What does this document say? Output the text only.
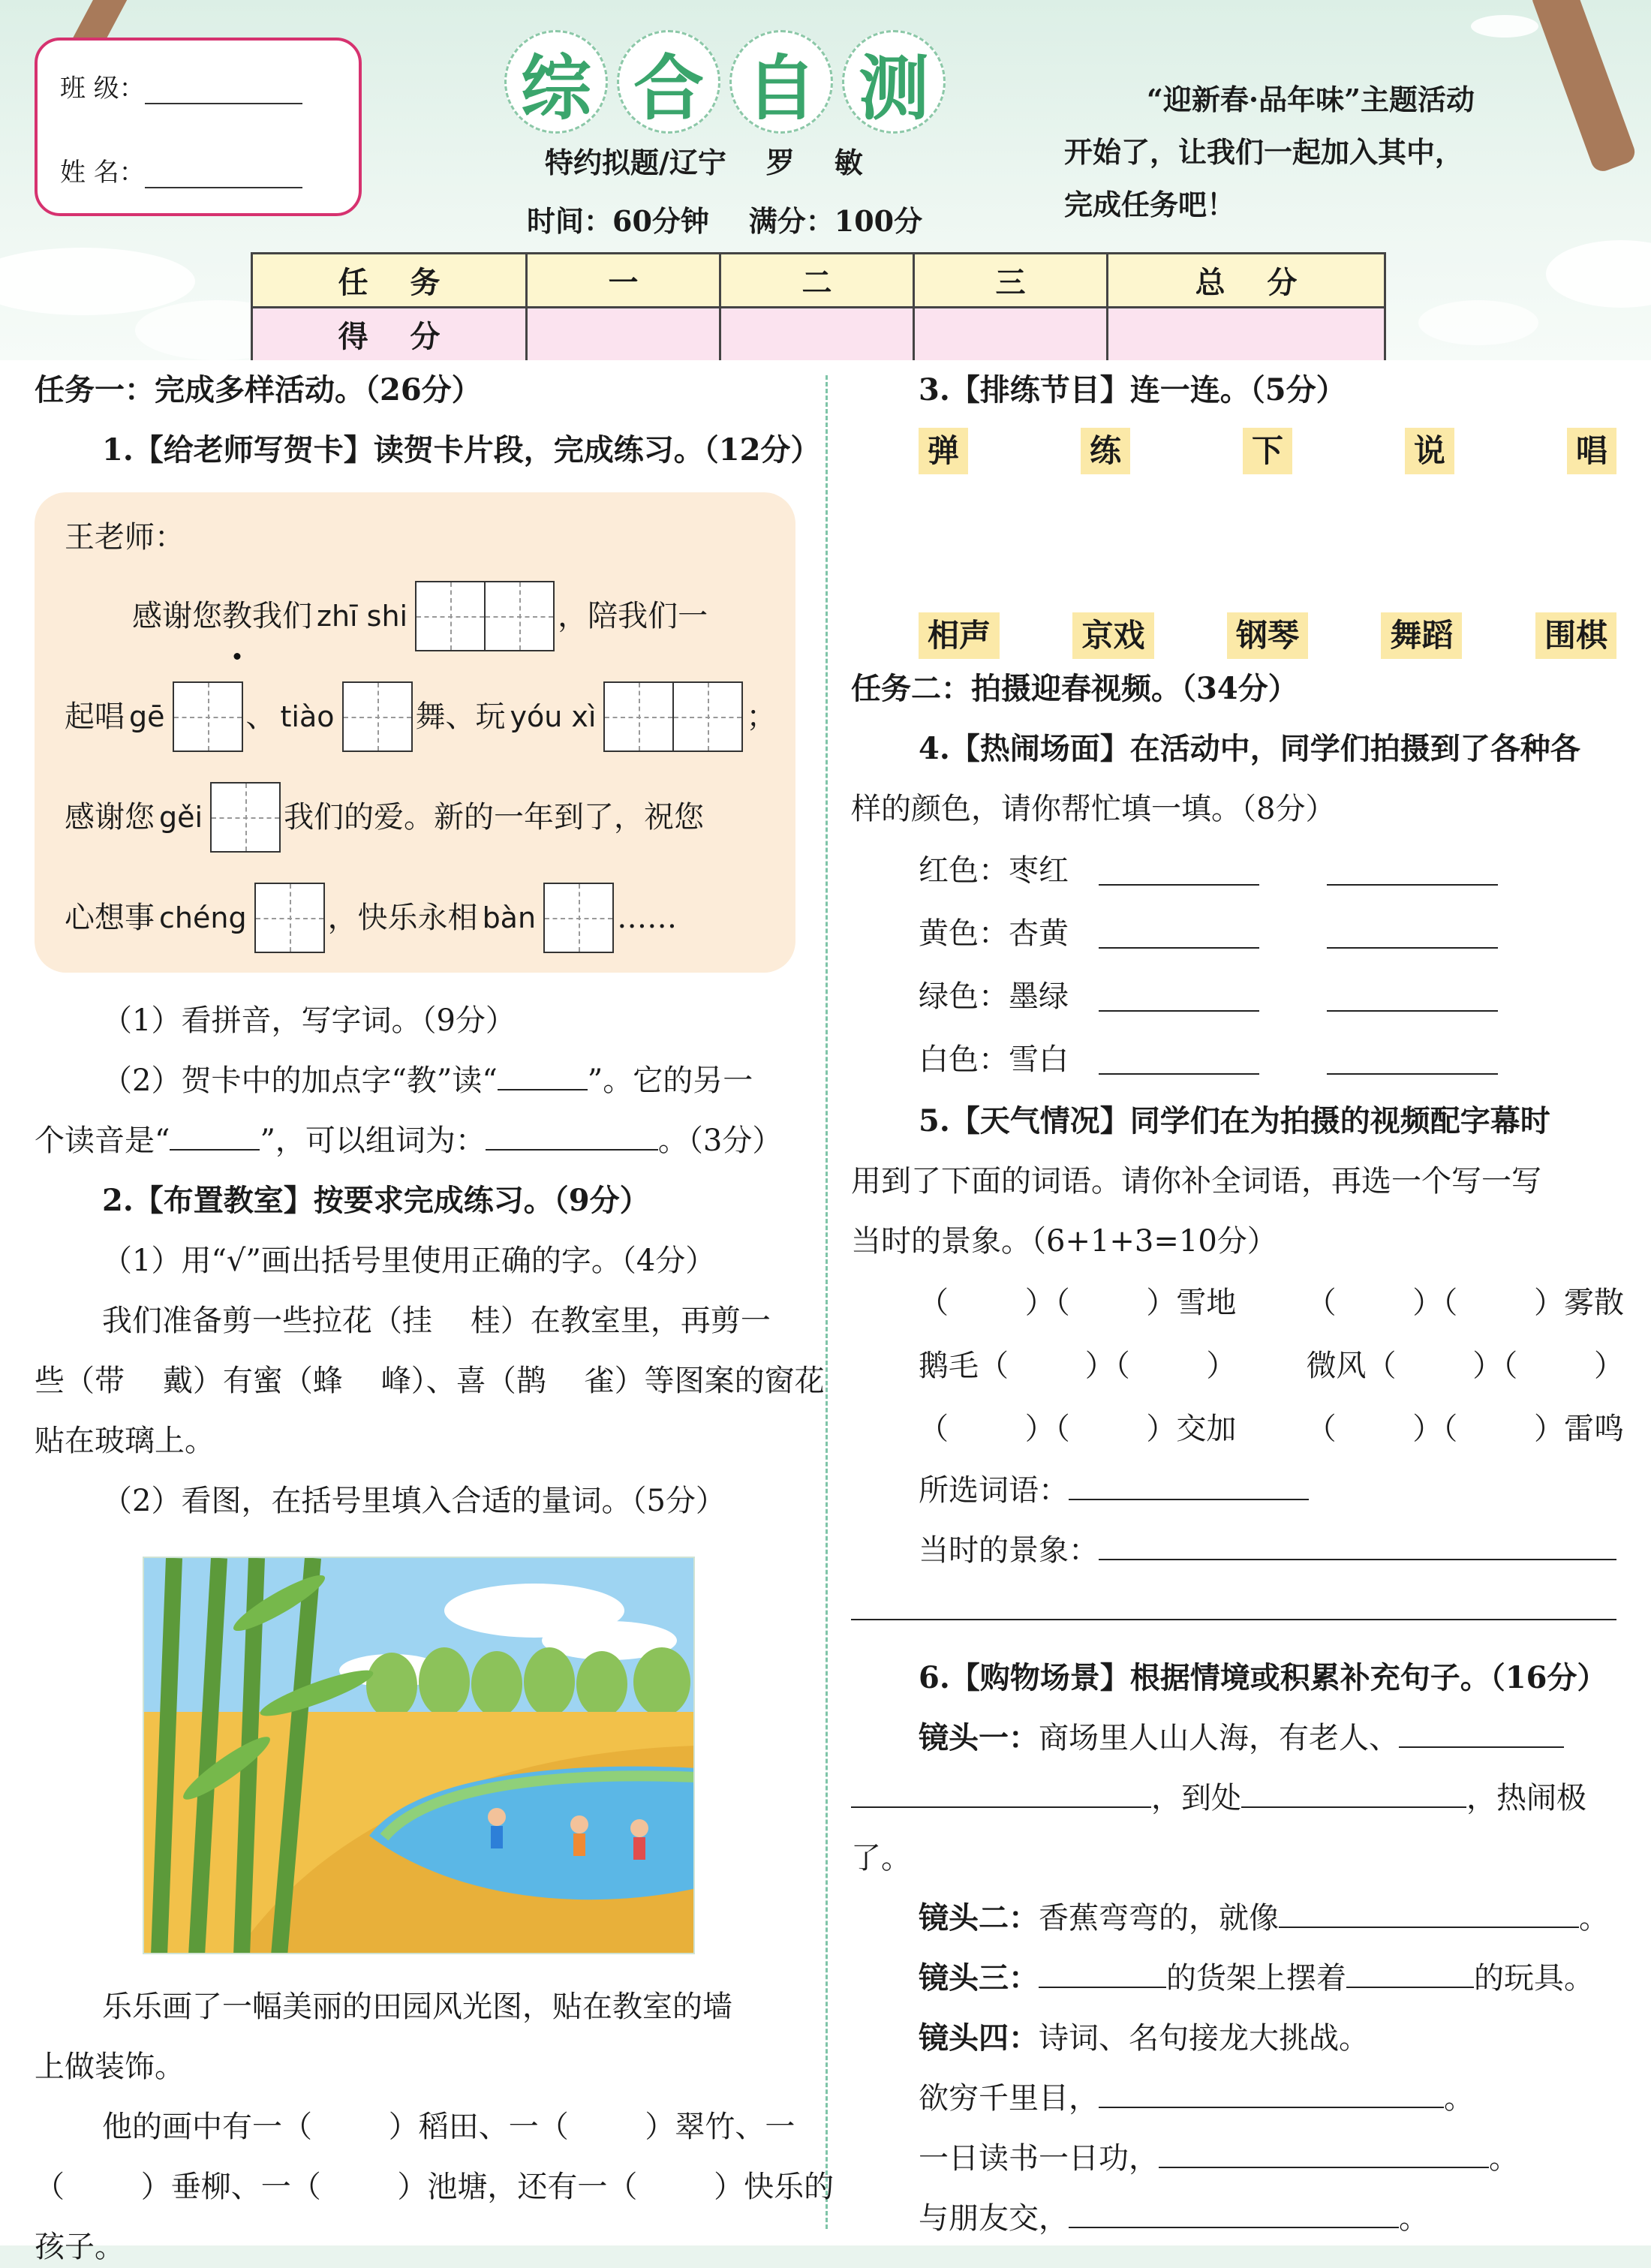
班 级：
姓 名：
综 合 自 测
特约拟题/辽宁    罗    敏
时间：60分钟    满分：100分
“迎新春·品年味”主题活动
开始了，让我们一起加入其中，
完成任务吧！
任    务	一	二	三	总    分
得    分				

任务一：完成多样活动。（26分）

1.【给老师写贺卡】读贺卡片段，完成练习。（12分）

王老师：
感谢您 教 我们 zhī shi	，陪我们一
起唱 gē	、 tiào	舞、玩 yóu xì	；
感谢您 gěi	我们的爱。新的一年到了，祝您
心想事 chéng	，快乐永相 bàn	……

（1）看拼音，写字词。（9分）

（2）贺卡中的加点字“教”读“	”。它的另一

个读音是“	”，可以组词为：	。（3分）

2.【布置教室】按要求完成练习。（9分）

（1）用“√”画出括号里使用正确的字。（4分）

我们准备剪一些拉花（挂    桂）在教室里，再剪一

些（带    戴）有蜜（蜂    峰）、喜（鹊    雀）等图案的窗花

贴在玻璃上。

（2）看图，在括号里填入合适的量词。（5分）

乐乐画了一幅美丽的田园风光图，贴在教室的墙

上做装饰。

他的画中有一（        ）稻田、一（        ）翠竹、一

（        ）垂柳、一（        ）池塘，还有一（        ）快乐的

孩子。

3.【排练节目】连一连。（5分）

弹	练	下	说	唱
相声	京戏	钢琴	舞蹈	围棋

任务二：拍摄迎春视频。（34分）

4.【热闹场面】在活动中，同学们拍摄到了各种各

样的颜色，请你帮忙填一填。（8分）

红色：枣红
黄色：杏黄
绿色：墨绿
白色：雪白

5.【天气情况】同学们在为拍摄的视频配字幕时

用到了下面的词语。请你补全词语，再选一个写一写

当时的景象。（6+1+3=10分）

（        ）（        ）雪地 （        ）（        ）雾散
鹅毛（        ）（        ） 微风（        ）（        ）
（        ）（        ）交加 （        ）（        ）雷鸣

所选词语：

当时的景象：

6.【购物场景】根据情境或积累补充句子。（16分）

镜头一：商场里人山人海，有老人、

，到处	，热闹极了。

镜头二：香蕉弯弯的，就像	。

镜头三：	的货架上摆着	的玩具。

镜头四：诗词、名句接龙大挑战。

欲穷千里目，	。

一日读书一日功，	。

与朋友交，	。
